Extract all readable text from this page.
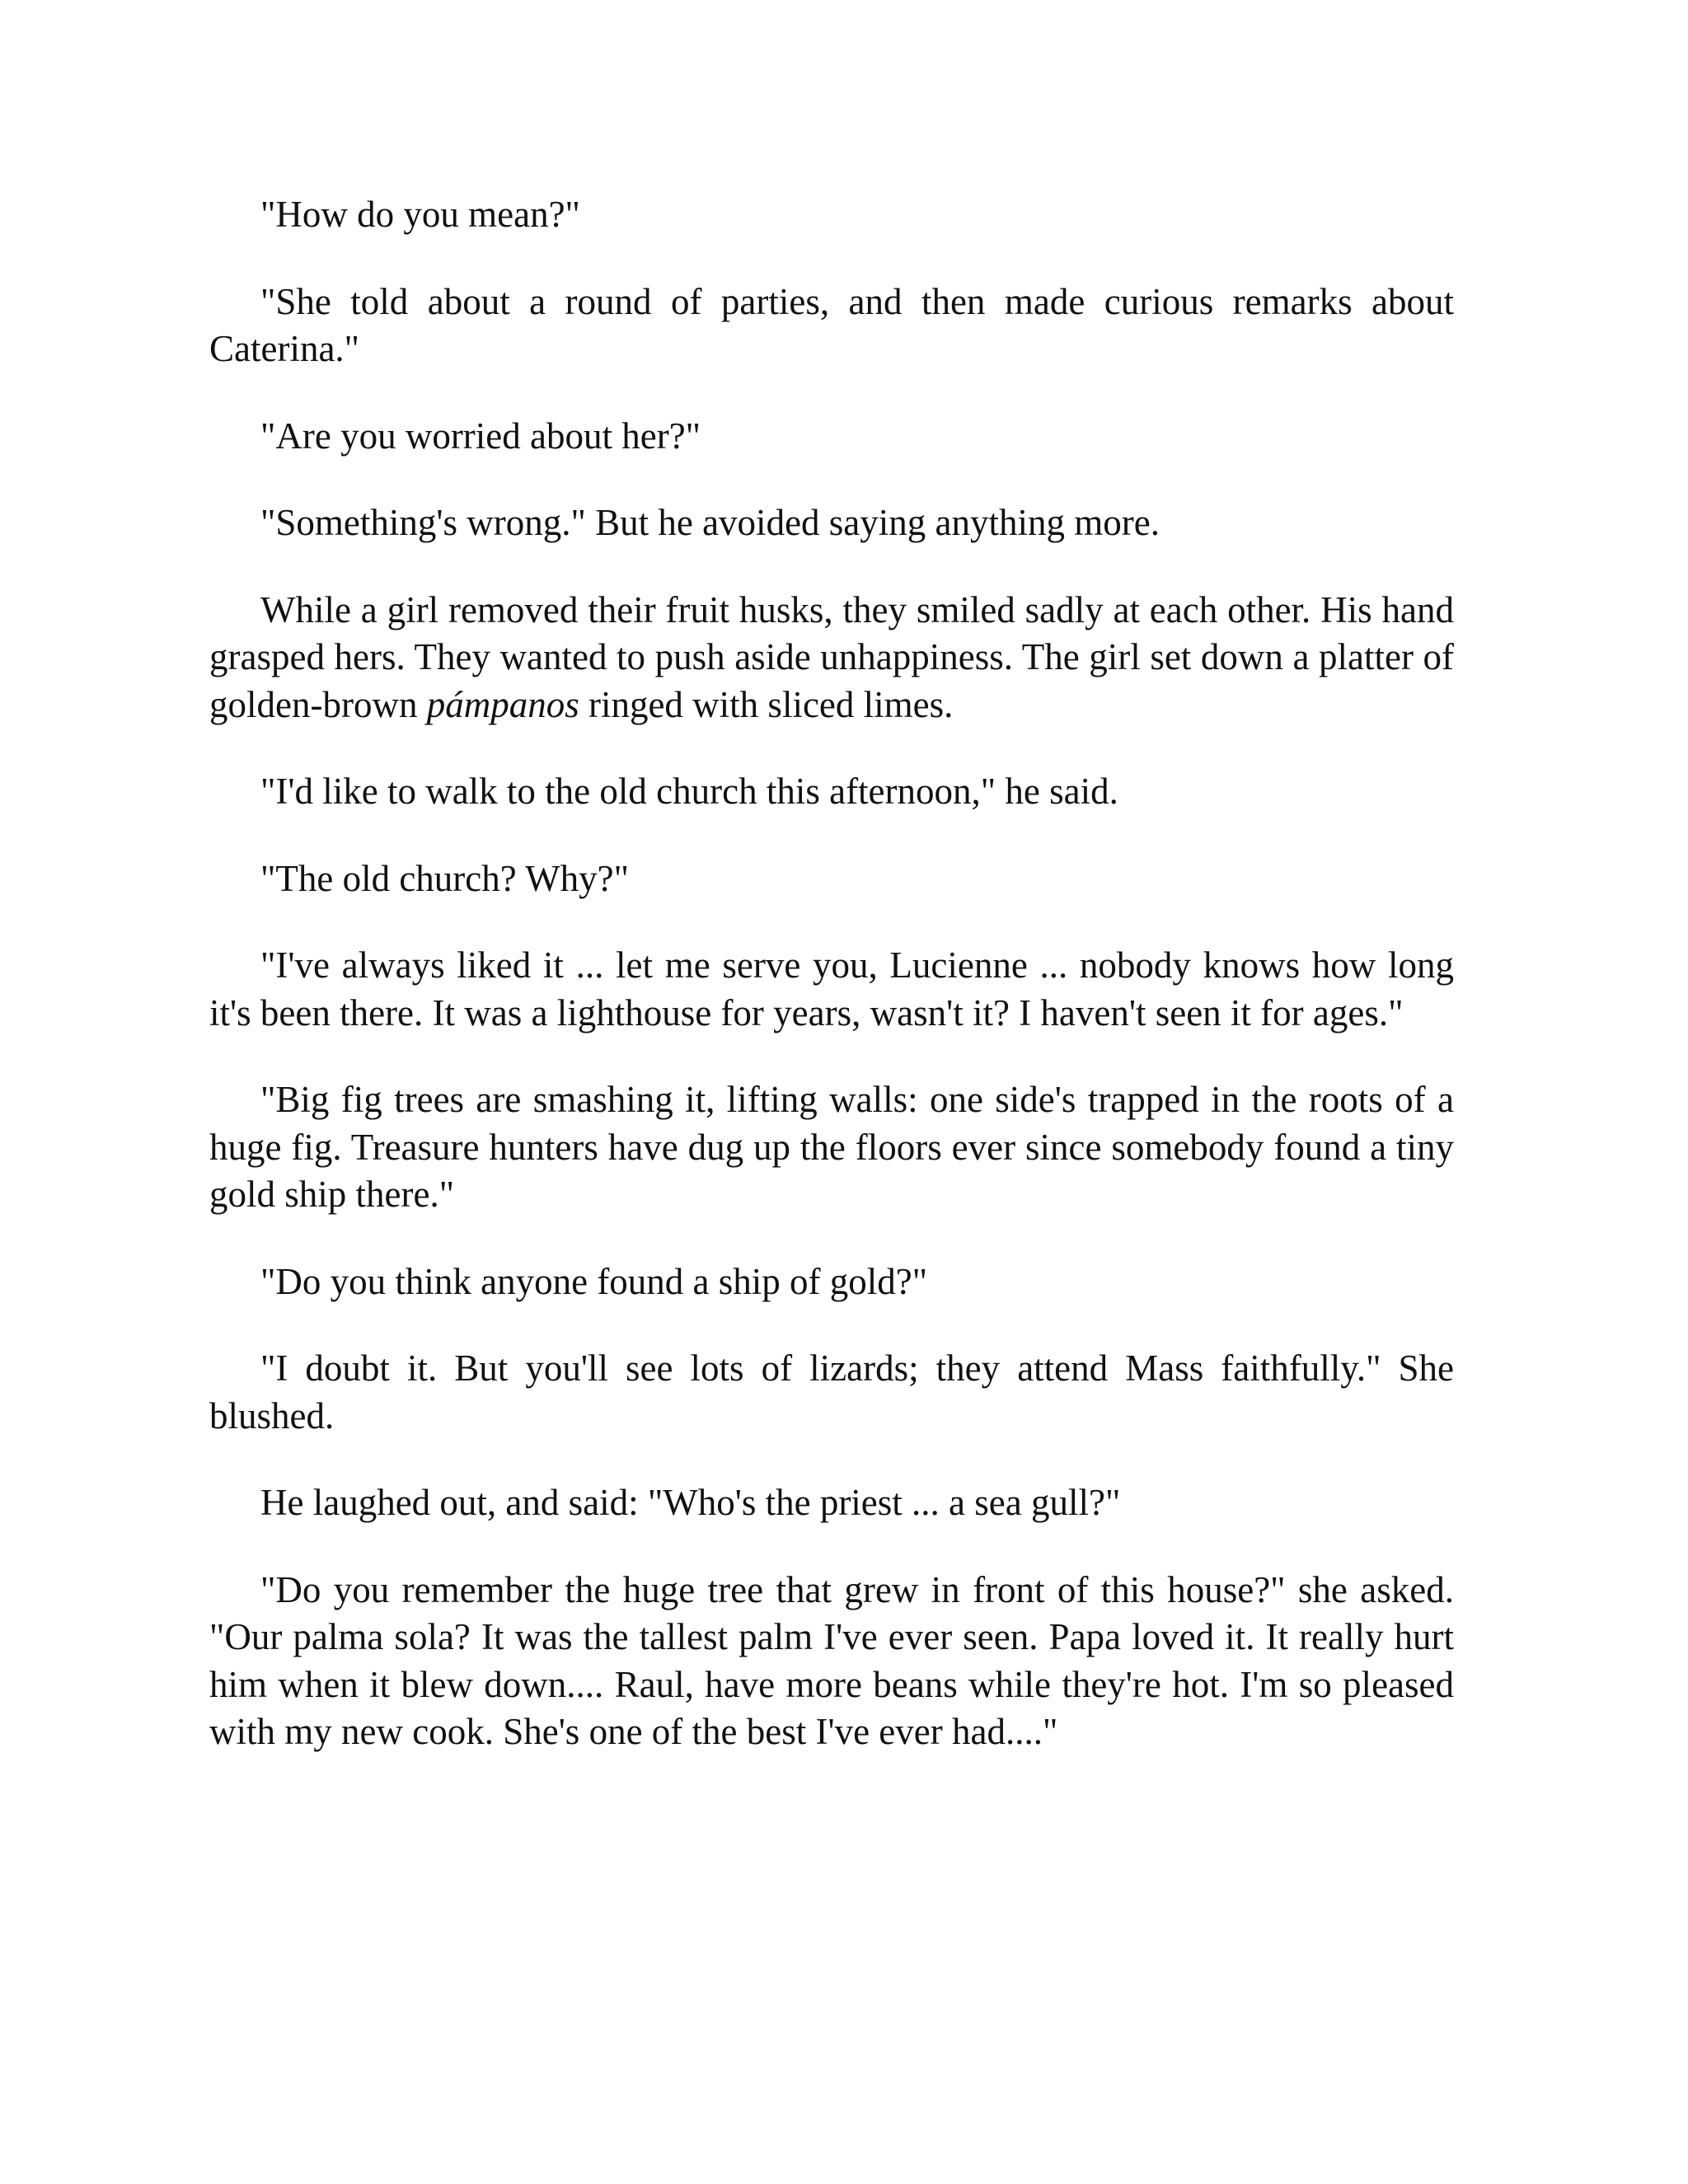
"How do you mean?"

"She told about a round of parties, and then made curious remarks about Caterina."

"Are you worried about her?"

"Something's wrong." But he avoided saying anything more.

While a girl removed their fruit husks, they smiled sadly at each other. His hand grasped hers. They wanted to push aside unhappiness. The girl set down a platter of golden-brown pámpanos ringed with sliced limes.

"I'd like to walk to the old church this afternoon," he said.

"The old church? Why?"

"I've always liked it ... let me serve you, Lucienne ... nobody knows how long it's been there. It was a lighthouse for years, wasn't it? I haven't seen it for ages."

"Big fig trees are smashing it, lifting walls: one side's trapped in the roots of a huge fig. Treasure hunters have dug up the floors ever since somebody found a tiny gold ship there."

"Do you think anyone found a ship of gold?"

"I doubt it. But you'll see lots of lizards; they attend Mass faithfully." She blushed.

He laughed out, and said: "Who's the priest ... a sea gull?"

"Do you remember the huge tree that grew in front of this house?" she asked. "Our palma sola? It was the tallest palm I've ever seen. Papa loved it. It really hurt him when it blew down.... Raul, have more beans while they're hot. I'm so pleased with my new cook. She's one of the best I've ever had...."
